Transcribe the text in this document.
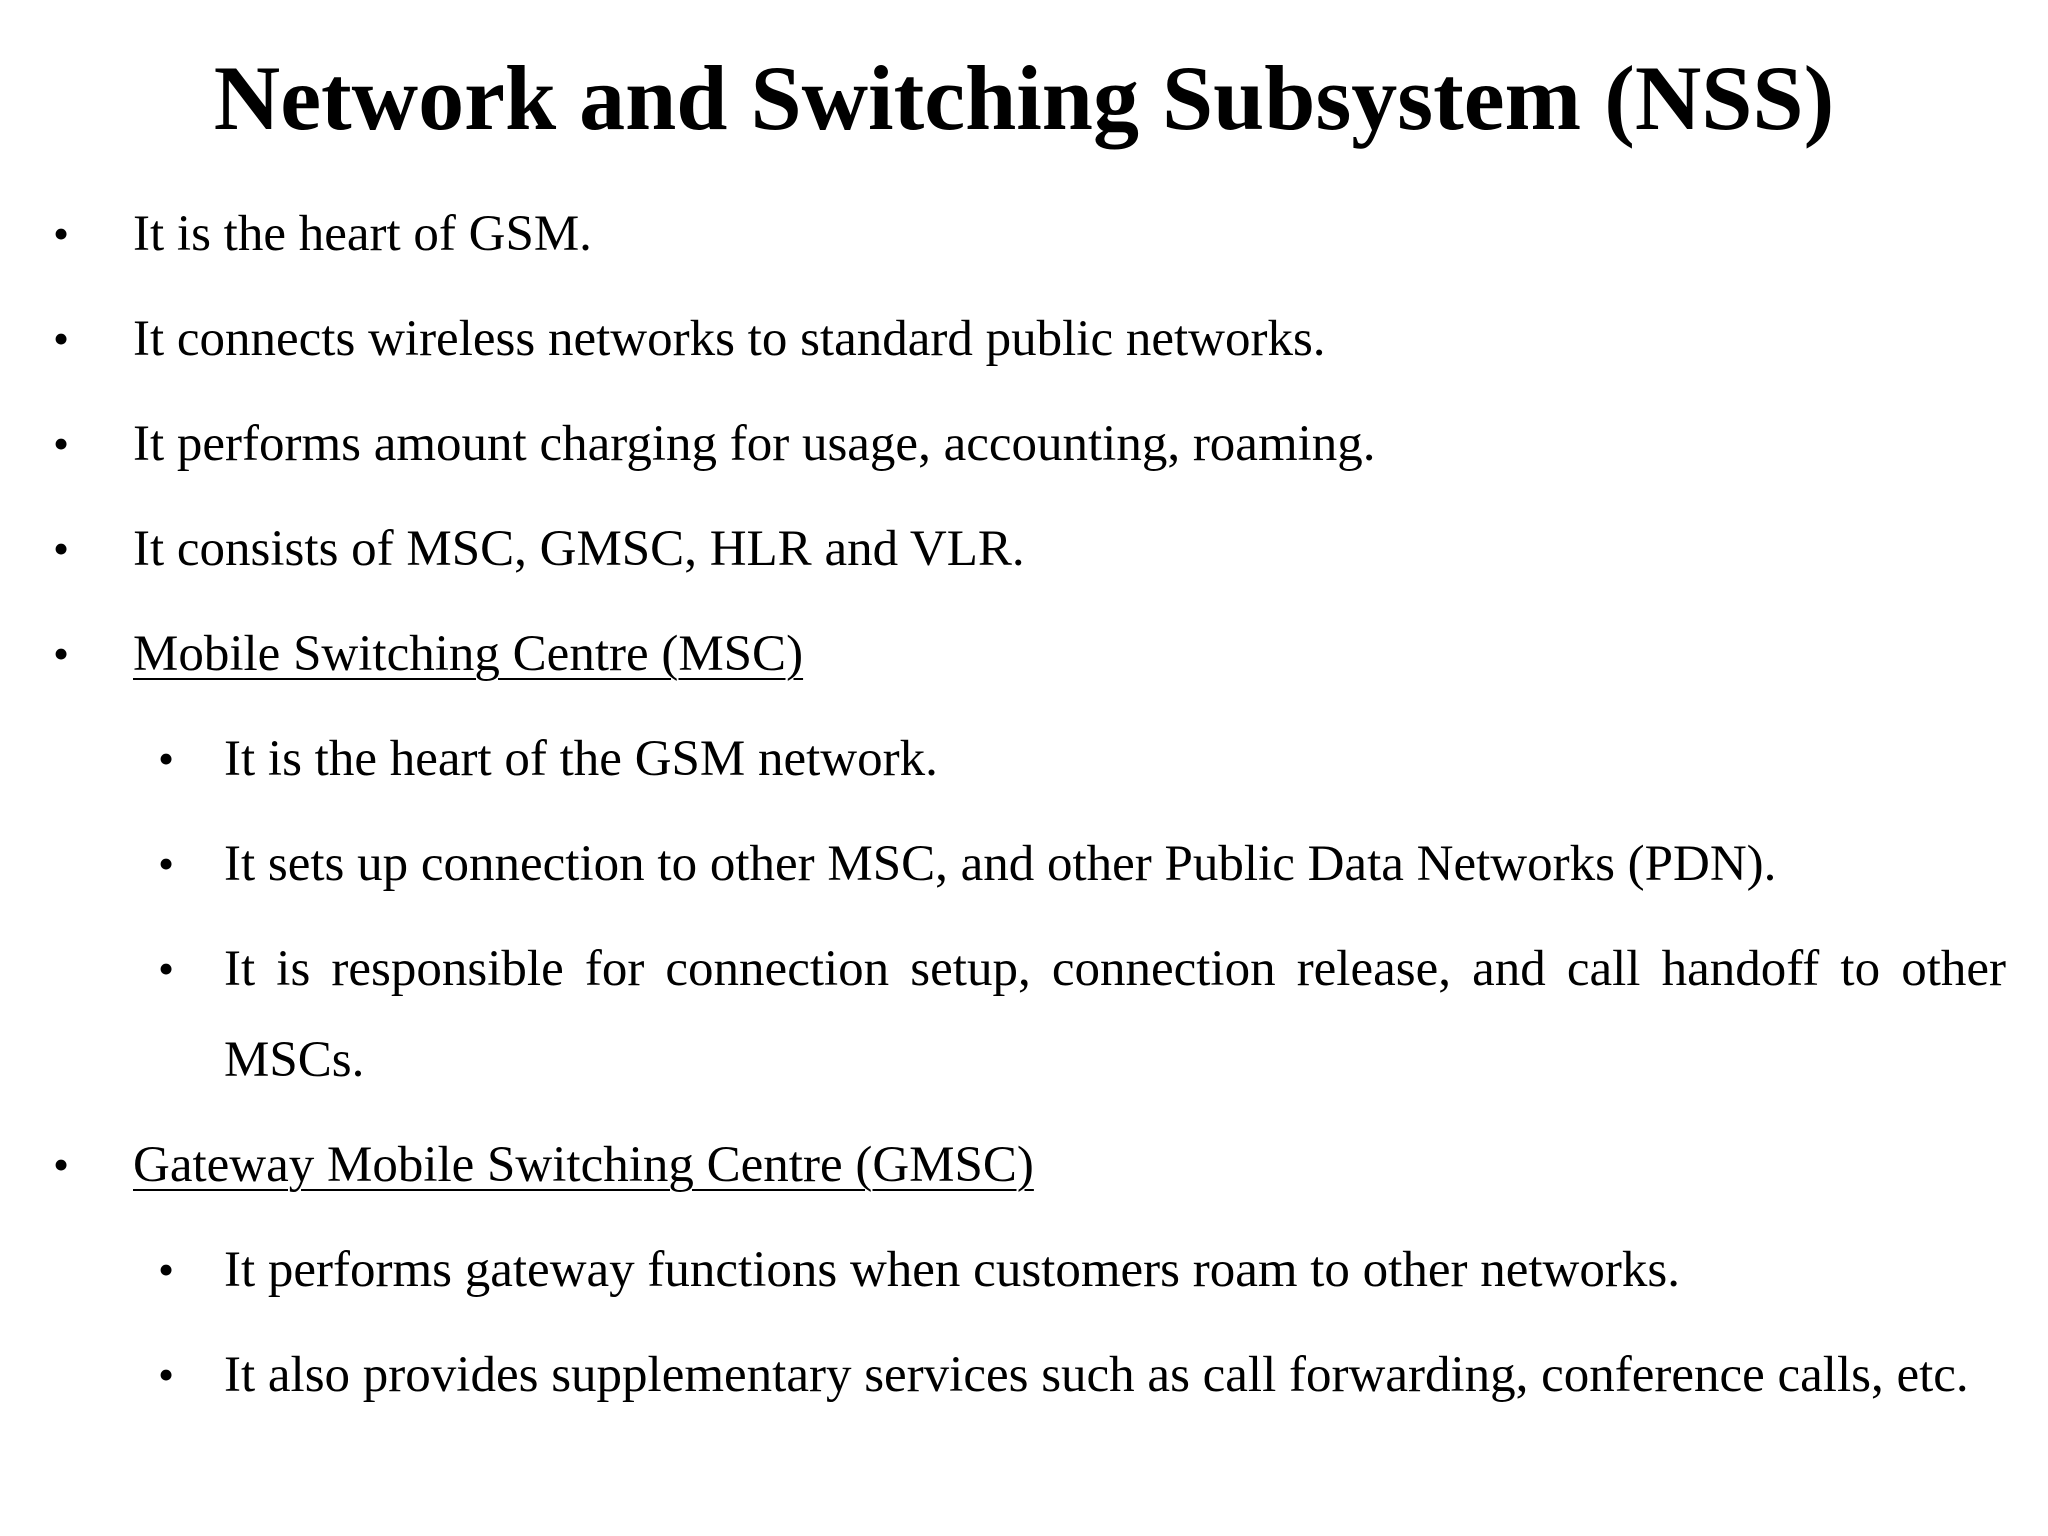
Network and Switching Subsystem (NSS)
• It is the heart of GSM.
• It connects wireless networks to standard public networks.
• It performs amount charging for usage, accounting, roaming.
• It consists of MSC, GMSC, HLR and VLR.
• Mobile Switching Centre (MSC)
• It is the heart of the GSM network.
• It sets up connection to other MSC, and other Public Data Networks (PDN).
• It is responsible for connection setup, connection release, and call handoff to other
MSCs.
• Gateway Mobile Switching Centre (GMSC)
• It performs gateway functions when customers roam to other networks.
• It also provides supplementary services such as call forwarding, conference calls, etc.
